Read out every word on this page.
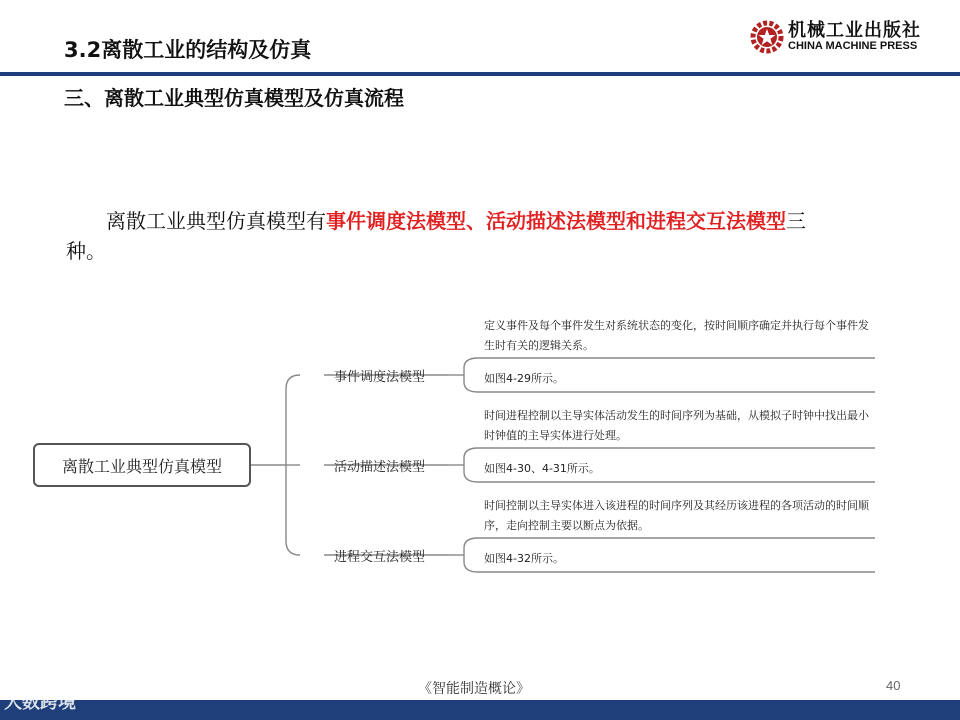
3.2离散工业的结构及仿真
机械工业出版社
CHINA MACHINE PRESS
三、离散工业典型仿真模型及仿真流程
离散工业典型仿真模型有事件调度法模型、活动描述法模型和进程交互法模型三种。
离散工业典型仿真模型
事件调度法模型
活动描述法模型
进程交互法模型
定义事件及每个事件发生对系统状态的变化，按时间顺序确定并执行每个事件发生时有关的逻辑关系。
如图4-29所示。
时间进程控制以主导实体活动发生的时间序列为基础，从模拟子时钟中找出最小时钟值的主导实体进行处理。
如图4-30、4-31所示。
时间控制以主导实体进入该进程的时间序列及其经历该进程的各项活动的时间顺序，走向控制主要以断点为依据。
如图4-32所示。
《智能制造概论》	40
大数跨境
